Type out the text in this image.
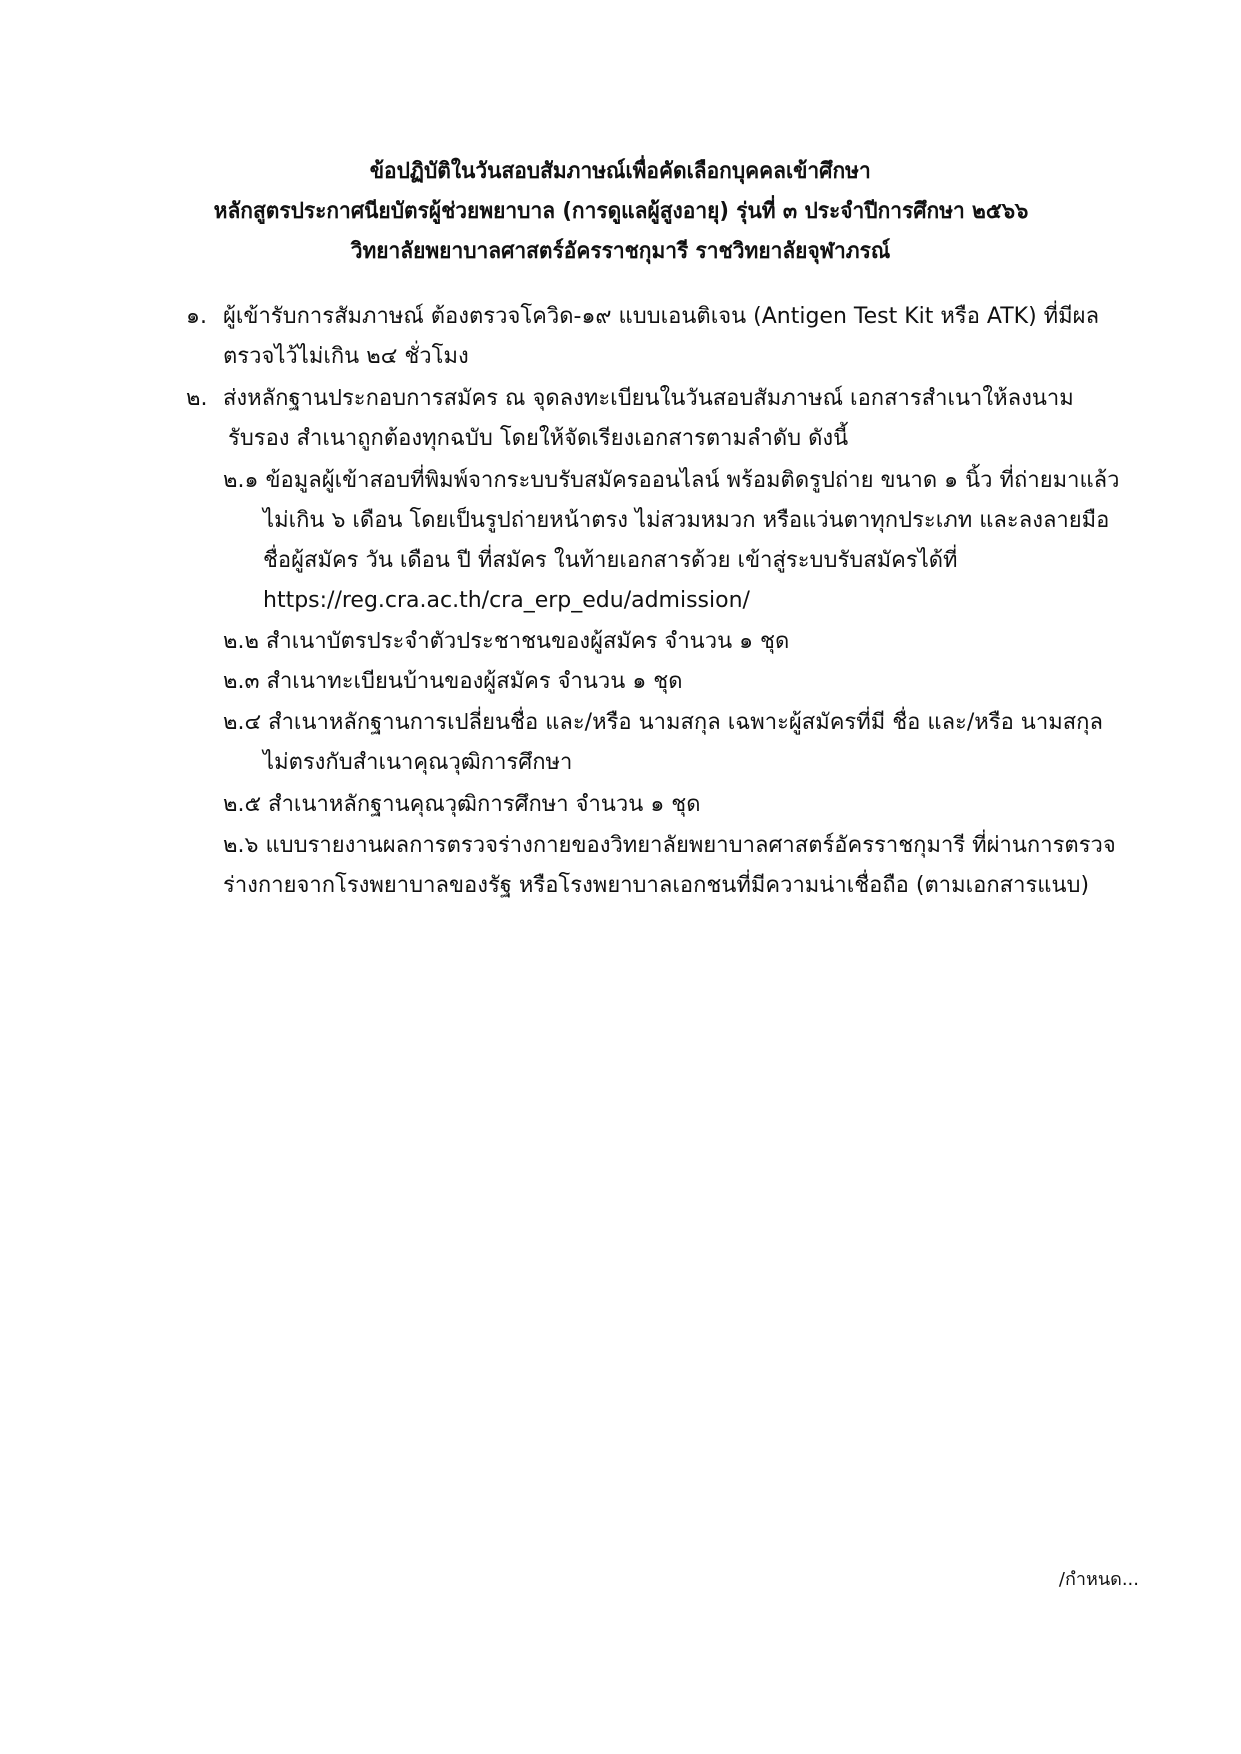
ข้อปฏิบัติในวันสอบสัมภาษณ์เพื่อคัดเลือกบุคคลเข้าศึกษา หลักสูตรประกาศนียบัตรผู้ช่วยพยาบาล (การดูแลผู้สูงอายุ) รุ่นที่ ๓ ประจำปีการศึกษา ๒๕๖๖ วิทยาลัยพยาบาลศาสตร์อัครราชกุมารี ราชวิทยาลัยจุฬาภรณ์
๑. ผู้เข้ารับการสัมภาษณ์ ต้องตรวจโควิด-๑๙ แบบเอนติเจน (Antigen Test Kit หรือ ATK) ที่มีผล
ตรวจไว้ไม่เกิน ๒๔ ชั่วโมง
๒. ส่งหลักฐานประกอบการสมัคร ณ จุดลงทะเบียนในวันสอบสัมภาษณ์ เอกสารสำเนาให้ลงนาม
รับรอง สำเนาถูกต้องทุกฉบับ โดยให้จัดเรียงเอกสารตามลำดับ ดังนี้
๒.๑ ข้อมูลผู้เข้าสอบที่พิมพ์จากระบบรับสมัครออนไลน์ พร้อมติดรูปถ่าย ขนาด ๑ นิ้ว ที่ถ่ายมาแล้ว
ไม่เกิน ๖ เดือน โดยเป็นรูปถ่ายหน้าตรง ไม่สวมหมวก หรือแว่นตาทุกประเภท และลงลายมือ
ชื่อผู้สมัคร วัน เดือน ปี ที่สมัคร ในท้ายเอกสารด้วย เข้าสู่ระบบรับสมัครได้ที่
https://reg.cra.ac.th/cra_erp_edu/admission/
๒.๒ สำเนาบัตรประจำตัวประชาชนของผู้สมัคร จำนวน ๑ ชุด
๒.๓ สำเนาทะเบียนบ้านของผู้สมัคร จำนวน ๑ ชุด
๒.๔ สำเนาหลักฐานการเปลี่ยนชื่อ และ/หรือ นามสกุล เฉพาะผู้สมัครที่มี ชื่อ และ/หรือ นามสกุล
ไม่ตรงกับสำเนาคุณวุฒิการศึกษา
๒.๕ สำเนาหลักฐานคุณวุฒิการศึกษา จำนวน ๑ ชุด
๒.๖ แบบรายงานผลการตรวจร่างกายของวิทยาลัยพยาบาลศาสตร์อัครราชกุมารี ที่ผ่านการตรวจ
ร่างกายจากโรงพยาบาลของรัฐ หรือโรงพยาบาลเอกชนที่มีความน่าเชื่อถือ (ตามเอกสารแนบ)
/กำหนด...
